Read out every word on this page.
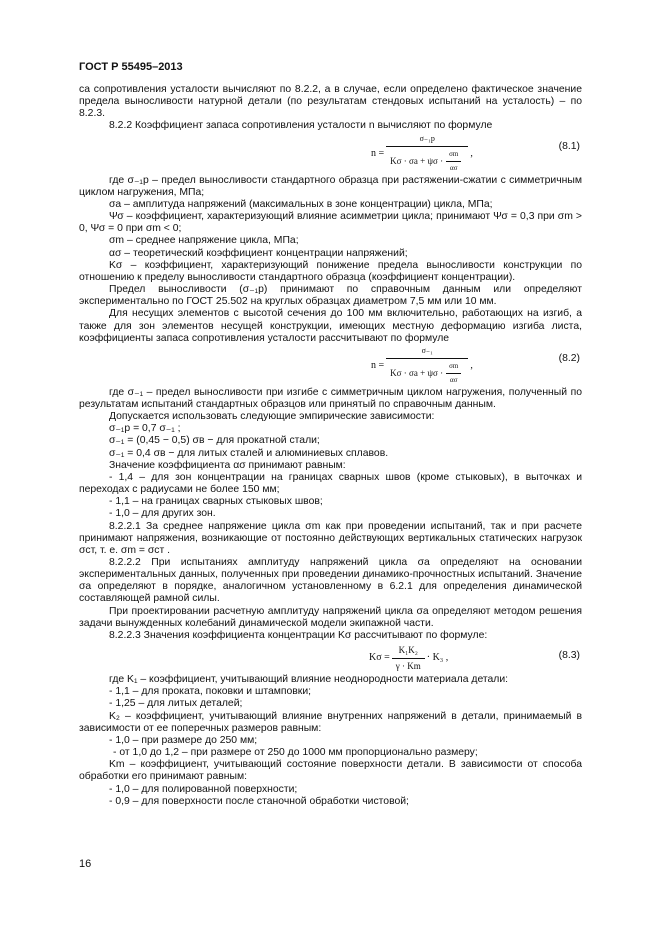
ГОСТ Р 55495–2013

са сопротивления усталости вычисляют по 8.2.2, а в случае, если определено фактическое значение предела выносливости натурной детали (по результатам стендовых испытаний на усталость) – по 8.2.3.

8.2.2 Коэффициент запаса сопротивления усталости n вычисляют по формуле

n =
σ₋₁p
$K\sigma \cdot \sigma a + \psi\sigma \cdot \frac{\sigma m}{\alpha\sigma}$ ,
(8.1)

где σ₋₁p – предел выносливости стандартного образца при растяжении-сжатии с симметричным циклом нагружения, МПа;

σa – амплитуда напряжений (максимальных в зоне концентрации) цикла, МПа;

Ψσ – коэффициент, характеризующий влияние асимметрии цикла; принимают Ψσ = 0,3 при σm > 0, Ψσ = 0 при σm < 0;

σm – среднее напряжение цикла, МПа;

ασ – теоретический коэффициент концентрации напряжений;

Kσ – коэффициент, характеризующий понижение предела выносливости конструкции по отношению к пределу выносливости стандартного образца (коэффициент концентрации).

Предел выносливости (σ₋₁p) принимают по справочным данным или определяют экспериментально по ГОСТ 25.502 на круглых образцах диаметром 7,5 мм или 10 мм.

Для несущих элементов с высотой сечения до 100 мм включительно, работающих на изгиб, а также для зон элементов несущей конструкции, имеющих местную деформацию изгиба листа, коэффициенты запаса сопротивления усталости рассчитывают по формуле

n =
σ₋₁
$K\sigma \cdot \sigma a + \psi\sigma \cdot \frac{\sigma m}{\alpha\sigma}$ ,
(8.2)

где σ₋₁ – предел выносливости при изгибе с симметричным циклом нагружения, полученный по результатам испытаний стандартных образцов или принятый по справочным данным.

Допускается использовать следующие эмпирические зависимости:

σ₋₁p = 0,7 σ₋₁ ;

σ₋₁ = (0,45 − 0,5) σв − для прокатной стали;

σ₋₁ = 0,4 σв − для литых сталей и алюминиевых сплавов.

Значение коэффициента ασ принимают равным:

- 1,4 – для зон концентрации на границах сварных швов (кроме стыковых), в выточках и переходах с радиусами не более 150 мм;

- 1,1 – на границах сварных стыковых швов;

- 1,0 – для других зон.

8.2.2.1 За среднее напряжение цикла σm как при проведении испытаний, так и при расчете принимают напряжения, возникающие от постоянно действующих вертикальных статических нагрузок σст, т. е. σm = σст .

8.2.2.2 При испытаниях амплитуду напряжений цикла σa определяют на основании экспериментальных данных, полученных при проведении динамико-прочностных испытаний. Значение σa определяют в порядке, аналогичном установленному в 6.2.1 для определения динамической составляющей рамной силы.

При проектировании расчетную амплитуду напряжений цикла σa определяют методом решения задачи вынужденных колебаний динамической модели экипажной части.

8.2.2.3 Значения коэффициента концентрации Kσ рассчитывают по формуле:

$K\sigma = \frac{\text{K₁K₂}}{\gamma \cdot Km} \cdot K_3$ ,	(8.3)

где K₁ – коэффициент, учитывающий влияние неоднородности материала детали:

- 1,1 – для проката, поковки и штамповки;

- 1,25 – для литых деталей;

K₂ – коэффициент, учитывающий влияние внутренних напряжений в детали, принимаемый в зависимости от ее поперечных размеров равным:

- 1,0 – при размере до 250 мм;

- от 1,0 до 1,2 – при размере от 250 до 1000 мм пропорционально размеру;

Km – коэффициент, учитывающий состояние поверхности детали. В зависимости от способа обработки его принимают равным:

- 1,0 – для полированной поверхности;

- 0,9 – для поверхности после станочной обработки чистовой;

16
